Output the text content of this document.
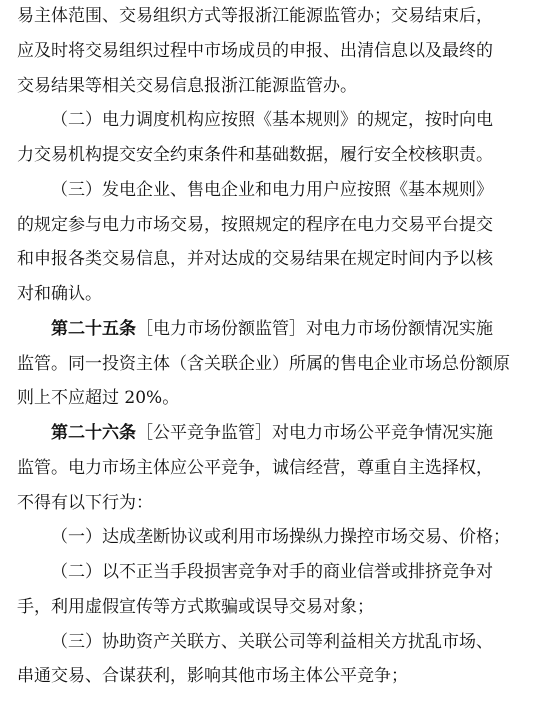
易主体范围、交易组织方式等报浙江能源监管办；交易结束后，
应及时将交易组织过程中市场成员的申报、出清信息以及最终的
交易结果等相关交易信息报浙江能源监管办。
（二）电力调度机构应按照《基本规则》的规定，按时向电
力交易机构提交安全约束条件和基础数据，履行安全校核职责。
（三）发电企业、售电企业和电力用户应按照《基本规则》
的规定参与电力市场交易，按照规定的程序在电力交易平台提交
和申报各类交易信息，并对达成的交易结果在规定时间内予以核
对和确认。
第二十五条［电力市场份额监管］对电力市场份额情况实施
监管。同一投资主体（含关联企业）所属的售电企业市场总份额原
则上不应超过 20%。
第二十六条［公平竞争监管］对电力市场公平竞争情况实施
监管。电力市场主体应公平竞争，诚信经营，尊重自主选择权，
不得有以下行为：
（一）达成垄断协议或利用市场操纵力操控市场交易、价格；
（二）以不正当手段损害竞争对手的商业信誉或排挤竞争对
手，利用虚假宣传等方式欺骗或误导交易对象；
（三）协助资产关联方、关联公司等利益相关方扰乱市场、
串通交易、合谋获利，影响其他市场主体公平竞争；
